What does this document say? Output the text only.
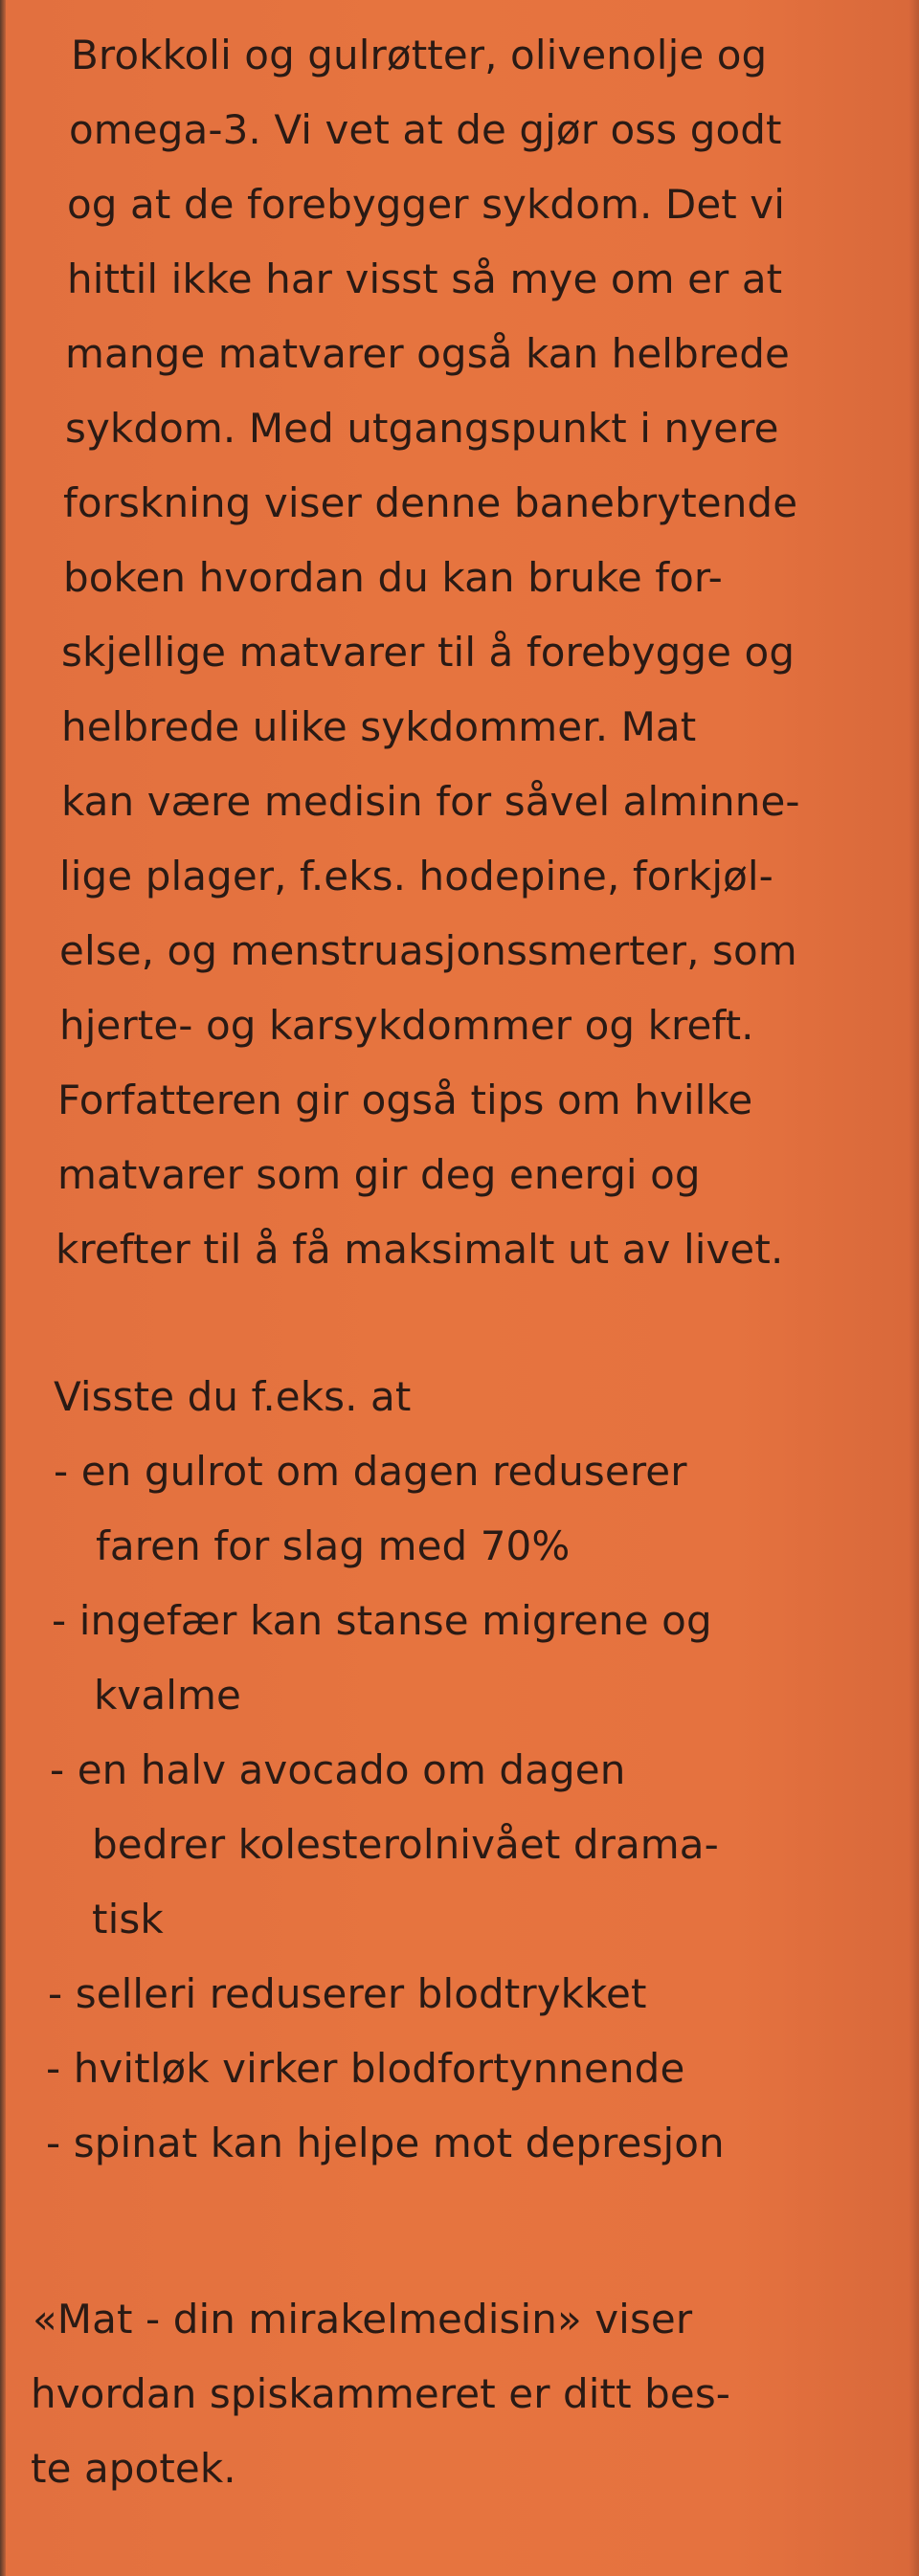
Brokkoli og gulrøtter, olivenolje og
omega-3. Vi vet at de gjør oss godt
og at de forebygger sykdom. Det vi
hittil ikke har visst så mye om er at
mange matvarer også kan helbrede
sykdom. Med utgangspunkt i nyere
forskning viser denne banebrytende
boken hvordan du kan bruke for-
skjellige matvarer til å forebygge og
helbrede ulike sykdommer. Mat
kan være medisin for såvel alminne-
lige plager, f.eks. hodepine, forkjøl-
else, og menstruasjonssmerter, som
hjerte- og karsykdommer og kreft.
Forfatteren gir også tips om hvilke
matvarer som gir deg energi og
krefter til å få maksimalt ut av livet.
Visste du f.eks. at
- en gulrot om dagen reduserer
faren for slag med 70%
- ingefær kan stanse migrene og
kvalme
- en halv avocado om dagen
bedrer kolesterolnivået drama-
tisk
- selleri reduserer blodtrykket
- hvitløk virker blodfortynnende
- spinat kan hjelpe mot depresjon
«Mat - din mirakelmedisin» viser
hvordan spiskammeret er ditt bes-
te apotek.
